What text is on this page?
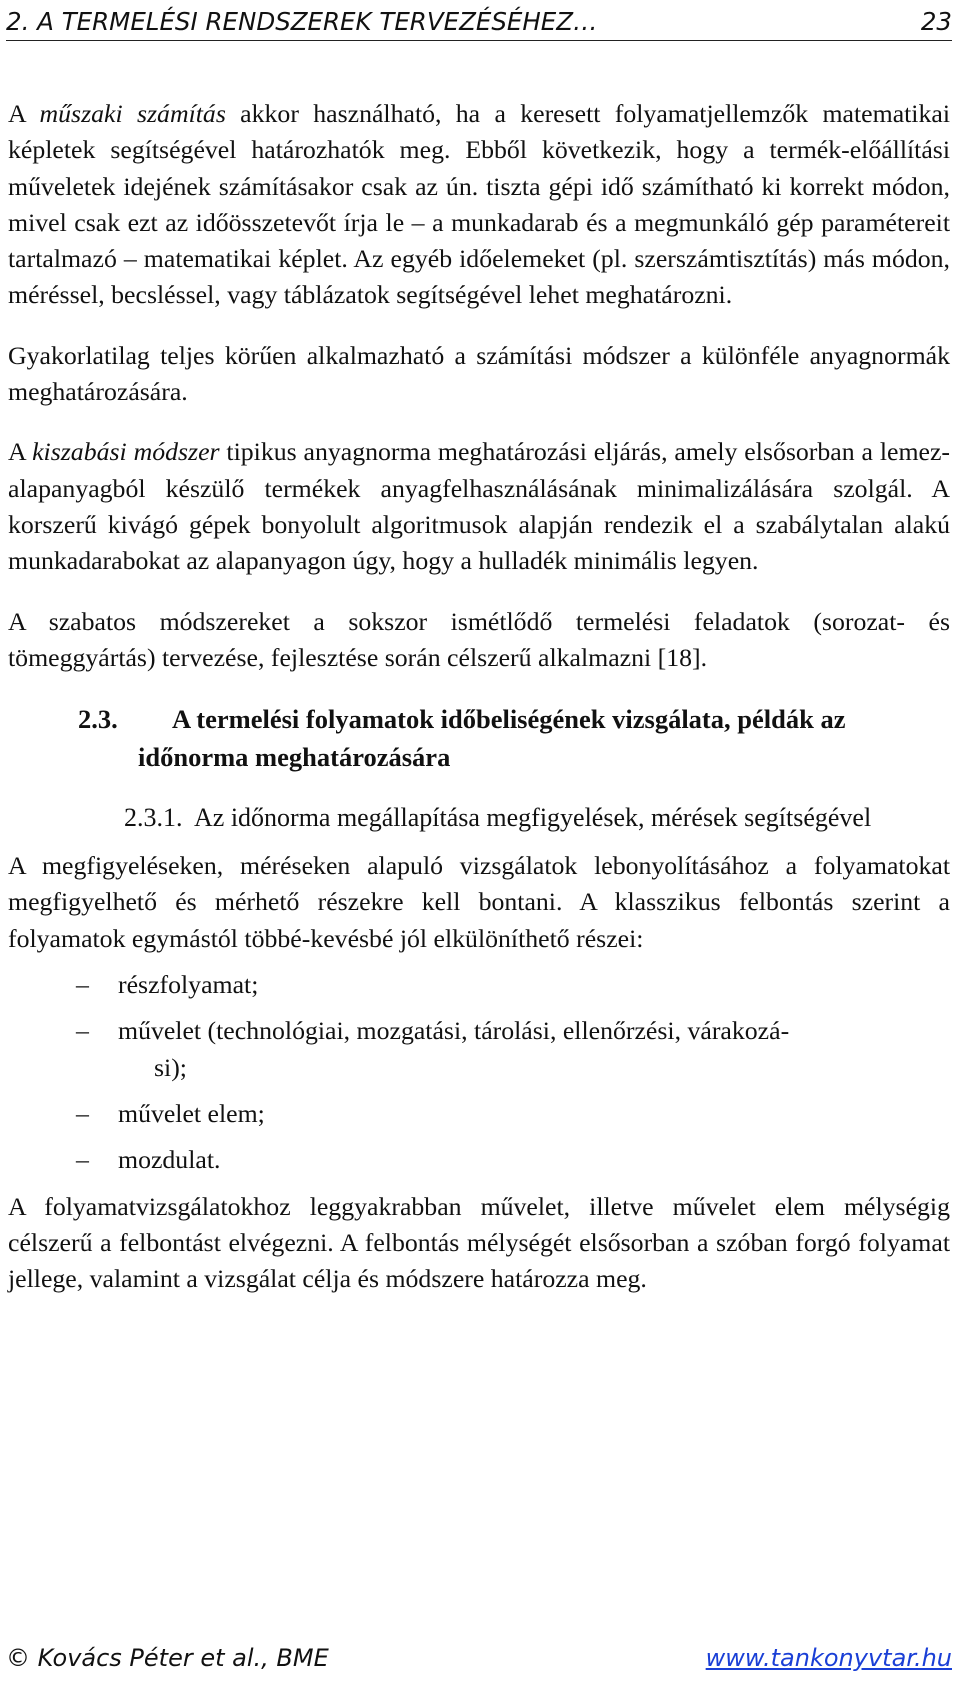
2. A TERMELÉSI RENDSZEREK TERVEZÉSÉHEZ…	23

A műszaki számítás akkor használható, ha a keresett folyamatjellemzők matematikai képletek segítségével határozhatók meg. Ebből következik, hogy a termék-előállítási műveletek idejének számításakor csak az ún. tiszta gépi idő számítható ki korrekt módon, mivel csak ezt az időösszetevőt írja le – a munkadarab és a megmunkáló gép paramétereit tartalmazó – matematikai képlet. Az egyéb időelemeket (pl. szerszámtisztítás) más módon, méréssel, becsléssel, vagy táblázatok segítségével lehet meghatározni.

Gyakorlatilag teljes körűen alkalmazható a számítási módszer a különféle anyagnormák meghatározására.

A kiszabási módszer tipikus anyagnorma meghatározási eljárás, amely elsősorban a lemez-alapanyagból készülő termékek anyagfelhasználásának minimalizálására szolgál. A korszerű kivágó gépek bonyolult algoritmusok alapján rendezik el a szabálytalan alakú munkadarabokat az alapanyagon úgy, hogy a hulladék minimális legyen.

A szabatos módszereket a sokszor ismétlődő termelési feladatok (sorozat- és tömeggyártás) tervezése, fejlesztése során célszerű alkalmazni [18].

2.3. A termelési folyamatok időbeliségének vizsgálata, példák az időnorma meghatározására
2.3.1. Az időnorma megállapítása megfigyelések, mérések segítségével

A megfigyeléseken, méréseken alapuló vizsgálatok lebonyolításához a folyamatokat megfigyelhető és mérhető részekre kell bontani. A klasszikus felbontás szerint a folyamatok egymástól többé-kevésbé jól elkülöníthető részei:

– részfolyamat;
– művelet (technológiai, mozgatási, tárolási, ellenőrzési, várakozá-
si);
– művelet elem;
– mozdulat.

A folyamatvizsgálatokhoz leggyakrabban művelet, illetve művelet elem mélységig célszerű a felbontást elvégezni. A felbontás mélységét elsősorban a szóban forgó folyamat jellege, valamint a vizsgálat célja és módszere határozza meg.

© Kovács Péter et al., BME	www.tankonyvtar.hu
